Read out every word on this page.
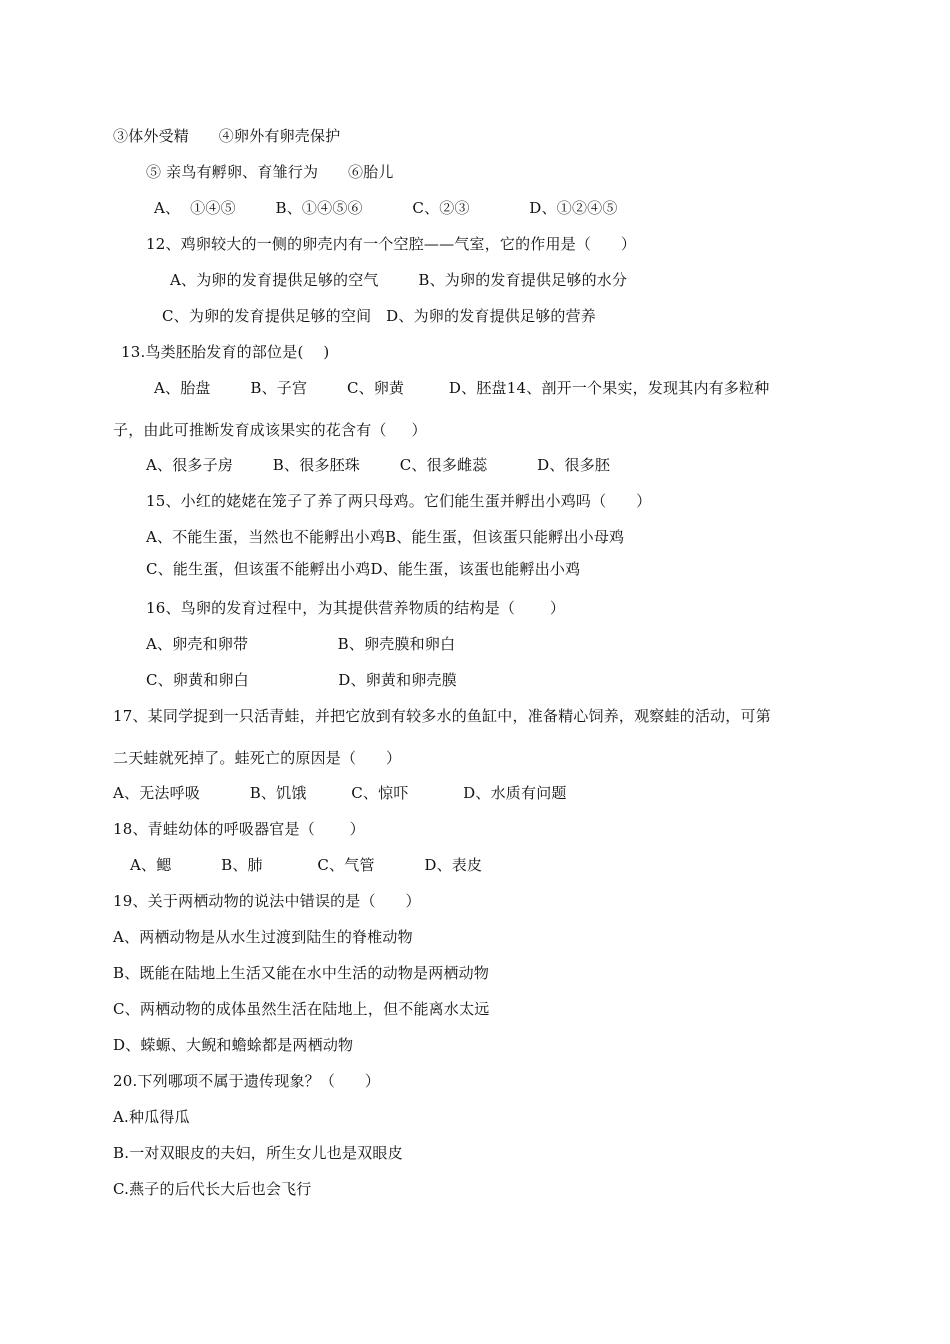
③体外受精      ④卵外有卵壳保护
⑤ 亲鸟有孵卵、育雏行为      ⑥胎儿
A、  ①④⑤        B、①④⑤⑥          C、②③            D、①②④⑤
12、鸡卵较大的一侧的卵壳内有一个空腔——气室，它的作用是（      ）
A、为卵的发育提供足够的空气        B、为卵的发育提供足够的水分
C、为卵的发育提供足够的空间   D、为卵的发育提供足够的营养
13.鸟类胚胎发育的部位是(    )
A、胎盘        B、子宫        C、卵黄         D、胚盘14、剖开一个果实，发现其内有多粒种
子，由此可推断发育成该果实的花含有（     ）
A、很多子房        B、很多胚珠        C、很多雌蕊          D、很多胚
15、小红的姥姥在笼子了养了两只母鸡。它们能生蛋并孵出小鸡吗（      ）
A、不能生蛋，当然也不能孵出小鸡B、能生蛋，但该蛋只能孵出小母鸡
C、能生蛋，但该蛋不能孵出小鸡D、能生蛋，该蛋也能孵出小鸡
16、鸟卵的发育过程中，为其提供营养物质的结构是（       ）
A、卵壳和卵带                  B、卵壳膜和卵白
C、卵黄和卵白                  D、卵黄和卵壳膜
17、某同学捉到一只活青蛙，并把它放到有较多水的鱼缸中，准备精心饲养，观察蛙的活动，可第
二天蛙就死掉了。蛙死亡的原因是（      ）
A、无法呼吸          B、饥饿         C、惊吓           D、水质有问题
18、青蛙幼体的呼吸器官是（       ）
A、鳃          B、肺           C、气管          D、表皮
19、关于两栖动物的说法中错误的是（      ）
A、两栖动物是从水生过渡到陆生的脊椎动物
B、既能在陆地上生活又能在水中生活的动物是两栖动物
C、两栖动物的成体虽然生活在陆地上，但不能离水太远
D、蝾螈、大鲵和蟾蜍都是两栖动物
20.下列哪项不属于遗传现象？（      ）
A.种瓜得瓜
B.一对双眼皮的夫妇，所生女儿也是双眼皮
C.燕子的后代长大后也会飞行
